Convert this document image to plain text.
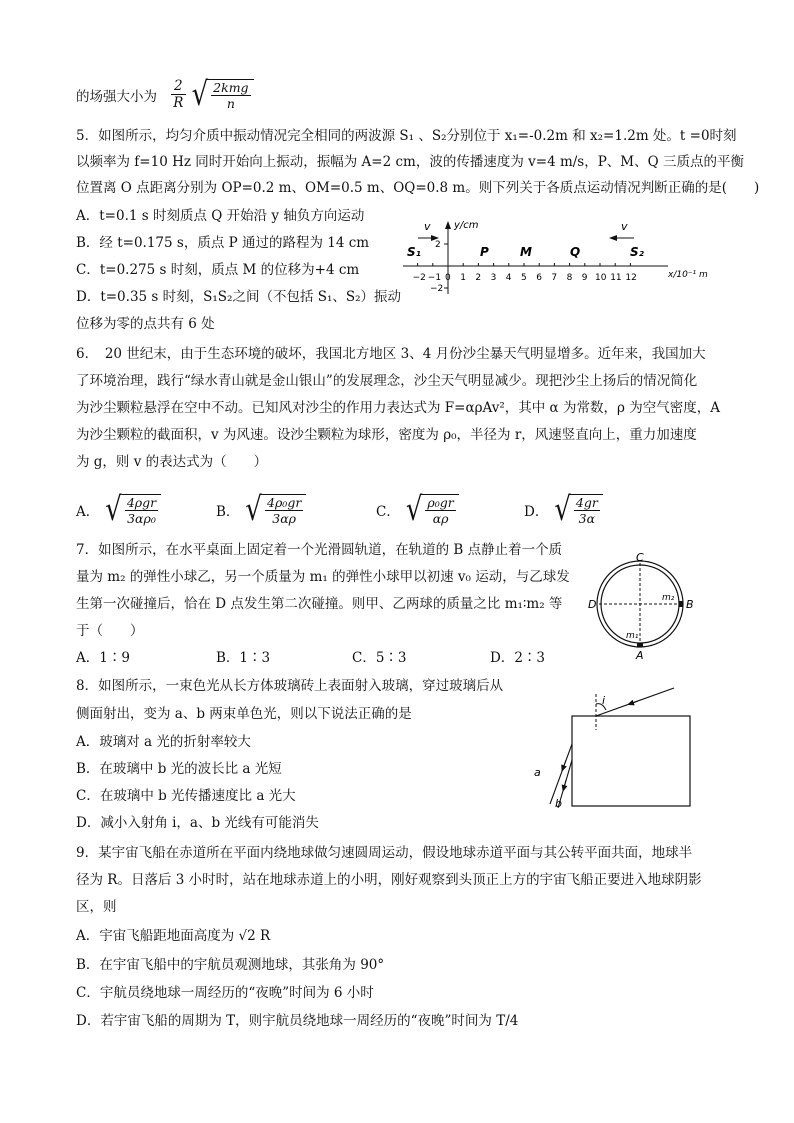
的场强大小为
2
R √ $\frac{\text{2kmg}}{n}$
5．如图所示，均匀介质中振动情况完全相同的两波源 S₁ 、S₂分别位于 x₁=-0.2m 和 x₂=1.2m 处。t =0时刻
以频率为 f=10 Hz 同时开始向上振动，振幅为 A=2 cm，波的传播速度为 v=4 m/s，P、M、Q 三质点的平衡
位置离 O 点距离分别为 OP=0.2 m、OM=0.5 m、OQ=0.8 m。则下列关于各质点运动情况判断正确的是(　　)
A．t=0.1 s 时刻质点 Q 开始沿 y 轴负方向运动
B．经 t=0.175 s，质点 P 通过的路程为 14 cm
C．t=0.275 s 时刻，质点 M 的位移为+4 cm
D．t=0.35 s 时刻，S₁S₂之间（不包括 S₁、S₂）振动
位移为零的点共有 6 处
y/cm
2
−2
x/10⁻¹ m
−2 −1 0 1 2 3 4 5 6 7 8 9 10 11 12
S₁	P	M	Q	S₂
v	v
6．　20 世纪末，由于生态环境的破坏，我国北方地区 3、4 月份沙尘暴天气明显增多。近年来，我国加大
了环境治理，践行“绿水青山就是金山银山”的发展理念，沙尘天气明显减少。现把沙尘上扬后的情况简化
为沙尘颗粒悬浮在空中不动。已知风对沙尘的作用力表达式为 F=αρAv²，其中 α 为常数，ρ 为空气密度，A
为沙尘颗粒的截面积，v 为风速。设沙尘颗粒为球形，密度为 ρ₀，半径为 r，风速竖直向上，重力加速度
为 g，则 v 的表达式为（　　）
A． √ $\frac{\text{4ρgr}}{\text{3αρ₀}}$	B． √ $\frac{\text{4ρ₀gr}}{3\alpha\rho}$	C． √ $\frac{\text{ρ₀gr}}{\alpha\rho}$	D． √ $\frac{4gr}{3\alpha}$
7．如图所示，在水平桌面上固定着一个光滑圆轨道，在轨道的 B 点静止着一个质
量为 m₂ 的弹性小球乙，另一个质量为 m₁ 的弹性小球甲以初速 v₀ 运动，与乙球发
生第一次碰撞后，恰在 D 点发生第二次碰撞。则甲、乙两球的质量之比 m₁∶m₂ 等
于（　　）
A．1∶9	B．1∶3	C．5∶3	D．2∶3
C
D	B
A
m₂
m₁
8．如图所示，一束色光从长方体玻璃砖上表面射入玻璃，穿过玻璃后从
侧面射出，变为 a、b 两束单色光，则以下说法正确的是
A．玻璃对 a 光的折射率较大
B．在玻璃中 b 光的波长比 a 光短
C．在玻璃中 b 光传播速度比 a 光大
D．减小入射角 i，a、b 光线有可能消失
i
a
b
9．某宇宙飞船在赤道所在平面内绕地球做匀速圆周运动，假设地球赤道平面与其公转平面共面，地球半
径为 R。日落后 3 小时时，站在地球赤道上的小明，刚好观察到头顶正上方的宇宙飞船正要进入地球阴影
区，则
A．宇宙飞船距地面高度为 √2 R
B．在宇宙飞船中的宇航员观测地球，其张角为 90°
C．宇航员绕地球一周经历的“夜晚”时间为 6 小时
D．若宇宙飞船的周期为 T，则宇航员绕地球一周经历的“夜晚”时间为 T/4
